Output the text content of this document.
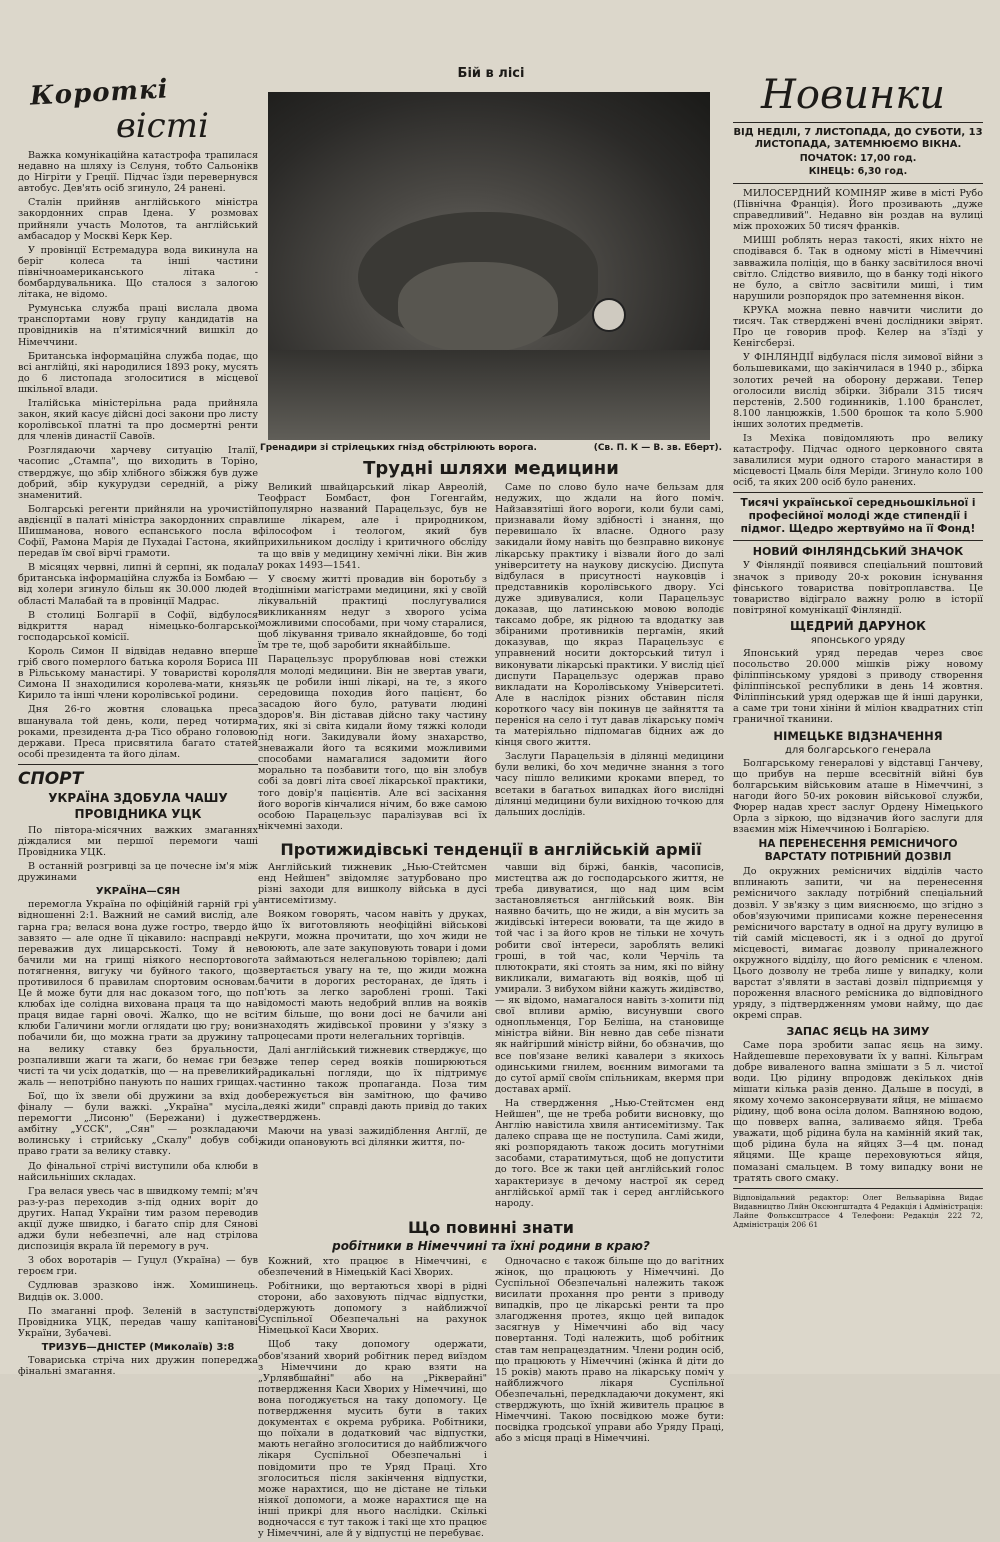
Короткі
вісті

Важка комунікаційна катастрофа трапилася недавно на шляху із Сєлуня, тобто Сальонікв до Нігріти у Греції. Підчас їзди перевернувся автобус. Дев'ять осіб згинуло, 24 ранені.

Сталін прийняв англійського міністра закордонних справ Ідена. У розмовах прийняли участь Молотов, та англійський амбасадор у Москві Керк Кер.

У провінції Естремадура вода викинула на беріг колеса та інші частини північноамериканського літака - бомбардувальника. Що сталося з залогою літака, не відомо.

Румунська служба праці вислала двома транспортами нову групу кандидатів на провідників на п'ятимісячний вишкіл до Німеччини.

Британська інформаційна служба подає, що всі англійці, які народилися 1893 року, мусять до 6 листопада зголоситися в місцевої шкільної влади.

Італійська міністерільна рада прийняла закон, який касує дійсні досі закони про листу королівської платні та про досмертні ренти для членів династії Савоїв.

Розглядаючи харчеву ситуацію Італії, часопис „Стампа", що виходить в Торіно, стверджує, що збір хлібного збіжжя був дуже добрий, збір кукурудзи середній, а ріжу знаменитий.

Болгарські регенти прийняли на урочистій авдієнції в палаті міністра закордонних справ Шишманова, нового еспанського посла в Софії, Рамона Марія де Пухадаі Гастона, який передав їм свої вірчі грамоти.

В місяцях червні, липні й серпні, як подала британська інформаційна служба із Бомбаю — від холери згинуло більш як 30.000 людей в області Малабай та в провінції Мадрас.

В столиці Болгарії в Софії, відбулося відкриття нарад німецько-болгарської господарської комісії.

Король Симон ІІ відвідав недавно вперше гріб свого померлого батька короля Бориса ІІІ в Рільському манастирі. У товаристві короля Симона ІІ знаходилися королева-мати, князь Кирило та інші члени королівської родини.

Дня 26-го жовтня словацька преса вшанувала той день, коли, перед чотирма роками, президента д-ра Тісо обрано головою держави. Преса присвятила багато статей особі президента та його ділам.

СПОРТ
УКРАЇНА ЗДОБУЛА ЧАШУ
ПРОВІДНИКА УЦК

По півтора-місячних важких змаганнях діждалися ми першої перемоги чаші Провідника УЦК.

В останній розгривці за це почесне ім'я між дружинами

УКРАЇНА—СЯН

перемогла Україна по офіційній гарній грі у відношенні 2:1. Важний не самий вислід, але гарна гра; велася вона дуже гостро, твердо й завзято — але одне її цікавило: насправді не переважив дух лицарськості. Тому й не бачили ми на грищі ніякого неспортового потягнення, вигуку чи буйного такого, що противилося б правилам спортовим основам. Це й може бути для нас доказом того, що по клюбах іде солідна вихована праця та що на праця видае гарні овочі. Жалко, що не всі клюби Галичини могли оглядати цю гру; вони побачили би, що можна грати за дружину та на велику ставку без бруальности, розпаливши жаги та жаги, бо немає гри без чисті та чи усіх додатків, що — на превеликий жаль — непотрібно панують по наших грищах.

Бої, що їх звели обі дружини за вхід до фіналу — були важкі. „Україна" мусіла перемогти „Лисоню" (Бережани) і дуже амбітну „УССК", „Сян" — розкладаючи волинську і стрийську „Скалу" добув собі право грати за велику ставку.

До фінальної стрічі виступили оба клюби в найсильніших складах.

Гра велася увесь час в швидкому темпі; м'яч раз-у-раз переходив з-під одних воріт до других. Напад України тим разом переводив акції дуже швидко, і багато спір для Сянові аджи були небезпечні, але над стрілова диспозиція вкрала їй перемогу в руч.

З обох воротарів — Гуцул (Україна) — був героєм гри.

Судлював зразково інж. Хомишинець. Видців ок. 3.000.

По змаганні проф. Зеленій в заступстві Провідника УЦК, передав чашу капітанові України, Зубачеві.

ТРИЗУБ—ДНІСТЕР (Миколаїв) 3:8

Товариська стріча них дружин попереджа фінальні змагання.

Бій в лісі
Гренадири зі стрілецьких гнізд обстрілюють ворога.	(Св. П. К — В. зв. Еберт).
Трудні шляхи медицини

Великий швайцарський лікар Авреолій, Теофраст Бомбаст, фон Гогенгайм, популярно названий Парацельзус, був не лише лікарем, але і природником, філософом і теологом, який був прихильником досліду і критичного обсліду та що ввів у медицину хемічні ліки. Він жив у роках 1493—1541.

У своєму житті провадив він боротьбу з тодішніми магістрами медицини, які у своїй лікувальній практиці послугувалися викликанням недуг з хворого усіма можливими способами, при чому старалися, щоб лікування тривало якнайдовше, бо тоді їм тре те, щоб заробити якнайбільше.

Парацельзус прорублював нові стежки для молоді медицини. Він не звертав уваги, як це робили інші лікарі, на те, з якого середовища походив його пацієнт, бо засадою його було, ратувати людині здоров'я. Він діставав дійсно таку частину тих, які зі світа кидали йому тяжкі колоди під ноги. Закидували йому знахарство, зневажали його та всякими можливими способами намагалися задомити його морально та позбавити того, що він злобув собі за довгі літа своєї лікарської практики, того довір'я пацієнтів. Але всі засіхання його ворогів кінчалися нічим, бо вже самою особою Парацельзус паралізував всі їх нікчемні заходи.

Саме по слово було наче бельзам для недужих, що ждали на його поміч. Найзавзятіші його вороги, коли були самі, признавали йому здібності і знання, що перевишало їх власне. Одного разу закидали йому навіть що безправно виконує лікарську практику і візвали його до залі університету на наукову дискусію. Диспута відбулася в присутності науковців і представників королівського двору. Усі дуже здивувалися, коли Парацельзус доказав, що латинською мовою володіє таксамо добре, як рідною та вдодатку зав збіраними противників пергамін, який доказував, що якраз Парацельзус є управнений носити докторський титул і виконувати лікарські практики. У вислід цієї диспути Парацельзус одержав право викладати на Королівському Університеті. Але в наслідок різних обставин після короткого часу він покинув це зайняття та переніся на село і тут давав лікарську поміч та матеріяльно підпомагав бідних аж до кінця свого життя.

Заслуги Парацельзія в ділянці медицини були великі, бо хоч медичне знання з того часу пішло великими кроками вперед, то всетаки в багатьох випадках його вислідні ділянці медицини були вихідною точкою для дальших дослідів.

Протижидівські тенденції в англійській армії

Англійський тижневик „Нью-Стейтсмен енд Нейшен" звідомляє затурбовано про різні заходи для вишколу війська в дусі антисемітизму.

Вояком говорять, часом навіть у друках, що їх виготовляють неофіційні військові круги, можна прочитати, що хоч жиди не воюють, але зате закуповують товари і доми та займаються нелегальною торівлею; далі звертається увагу на те, що жиди можна бачити в дорогих ресторанах, де їдять і п'ють за легко зароблені гроші. Такі відомості мають недобрий вплив на вояків тим більше, що вони досі не бачили ані знаходять жидівської провини у з'язку з процесами проти нелегальних торгівців.

Далі англійський тижневик стверджує, що вже тепер серед вояків поширюються радикальні погляди, що їх підтримує частинно також пропаганда. Поза тим обережується він замітною, що фачиво „деякі жиди" справді дають привід до таких стверджень.

Маючи на увазі зажидіблення Англії, де жиди опановують всі ділянки життя, по-

чавши від біржі, банків, часописів, мистецтва аж до господарського життя, не треба дивуватися, що над цим всім застановляється англійський вояк. Він наявно бачить, що не жиди, а він мусить за жидівські інтереси воювати, та ще жидо в той час і за його кров не тільки не хочуть робити свої інтереси, зароблять великі гроші, в той час, коли Черчіль та плютократи, які стоять за ним, які по війну викликали, вимагають від вояків, щоб ці умирали. З вибухом війни кажуть жидівство, — як відомо, намагалося навіть з-хопити під свої впливи армію, висунувши свого однопльменця, Гор Беліша, на становище міністра війни. Він невно дав себе пізнати як найгірший міністр війни, бо обзначив, що все пов'язане великі кавалери з якихось одинськими гнилем, воєнним вимогами та до сутої армії своїм спільникам, вкермя при доставах армії.

На ствердження „Нью-Стейтсмен енд Нейшен", ще не треба робити висновку, що Англію навістила хвиля антисемітизму. Так далеко справа ще не поступила. Самі жиди, які розпорядають також досить могутніми засобами, старатимуться, щоб не допустити до того. Все ж таки цей англійський голос характеризує в дечому настрої як серед англійської армії так і серед англійського народу.

Що повинні знати
робітники в Німеччині та їхні родини в краю?

Кожний, хто працює в Німеччині, є обезпечений в Німецькій Касі Хворих.

Робітники, що вертаються хворі в рідні сторони, або заховують підчас відпустки, одержують допомогу з найближчої Суспільної Обезпечальні на рахунок Німецької Каси Хворих.

Щоб таку допомогу одержати, обов'язаний хворий робітник перед виїздом з Німеччини до краю взяти на „Урлявбшайні" або на „Рікверайні" потвердження Каси Хворих у Німеччині, що вона погоджується на таку допомогу. Це потвердження мусить бути в таких документах є окрема рубрика. Робітники, що поїхали в додатковий час відпустки, мають негайно зголоситися до найближчого лікаря Суспільної Обезпечальні і повідомити про те Уряд Праці. Хто зголоситься після закінчення відпустки, може нарахтися, що не дістане не тільки ніякої допомоги, а може нарахтися ще на інші прикрі для нього наслідки. Скількі водночасся є тут також і такі ще хто працює у Німеччині, але й у відпустці не перебуває.

Одночасно є також більше що до вагітних жінок, що працюють у Німеччині. До Суспільної Обезпечальні належить також висилати прохання про ренти з приводу випадків, про це лікарські ренти та про злагодження протез, якщо цей випадок засягнув у Німеччині або від часу повертання. Тоді належить, щоб робітник став там непрацездатним. Члени родин осіб, що працюють у Німеччині (жінка й діти до 15 років) мають право на лікарську поміч у найближчого лікаря Суспільної Обезпечальні, передкладаючи документ, які стверджують, що їхній живитель працює в Німеччині. Такою посвідкою може бути: посвідка гродської управи або Уряду Праці, або з місця праці в Німеччині.

Новинки
ВІД НЕДІЛІ, 7 ЛИСТОПАДА, ДО СУБОТИ, 13 ЛИСТОПАДА, ЗАТЕМНЮЄМО ВІКНА.
ПОЧАТОК: 17,00 год.
КІНЕЦЬ: 6,30 год.

МИЛОСЕРДНИЙ КОМІНЯР живе в місті Рубо (Північна Франція). Його прозивають „дуже справедливий". Недавно він роздав на вулиці між прохожих 50 тисяч франків.

МИШІ роблять нераз такості, яких ніхто не сподівався б. Так в одному місті в Німеччині завважила поліція, що в банку засвітилося вночі світло. Слідство виявило, що в банку тоді нікого не було, а світло засвітили миші, і тим нарушили розпорядок про затемнення вікон.

КРУКА можна певно навчити числити до тисяч. Так стверджені вчені дослідники звірят. Про це говорив проф. Келер на з'їзді у Кенігсберзі.

У ФІНЛЯНДІЇ відбулася після зимової війни з большевиками, що закінчилася в 1940 р., збірка золотих речей на оборону держави. Тепер оголосили вислід збірки. Зібрали 315 тисяч перстенів, 2.500 годинників, 1.100 бранслет, 8.100 ланцюжків, 1.500 брошок та коло 5.900 інших золотих предметів.

Із Мехіка повідомляють про велику катастрофу. Підчас одного церковного свята завалилися мури одного старого манастиря в місцевості Цмаль біля Меріди. Згинуло коло 100 осіб, та яких 200 осіб було ранених.

Тисячі української середньошкільної і професійної молоді жде стипендії і підмог. Щедро жертвуймо на її Фонд!
НОВИЙ ФІНЛЯНДСЬКИЙ ЗНАЧОК

У Фінляндії появився спеціальний поштовий значок з приводу 20-х роковин існування фінського товариства повітроплавства. Це товариство відіграло важну ролю в історії повітряної комунікації Фінляндії.

ЩЕДРИЙ ДАРУНОК
японського уряду

Японський уряд передав через своє посольство 20.000 мішків ріжу новому філіппінському урядові з приводу створення філіппінської республики в день 14 жовтня. Філіппінський уряд одержав ще й інші дарунки, а саме три тони хініни й міліон квадратних стіп граничної тканини.

НІМЕЦЬКЕ ВІДЗНАЧЕННЯ
для болгарського генерала

Болгарському генералові у відставці Ганчеву, що прибув на перше всесвітній війні був болгарським військовим аташе в Німеччині, з нагоди його 50-их роковин військової служби, Фюрер надав хрест заслуг Ордену Німецького Орла з зіркою, що відзначив його заслуги для взаємин між Німеччиною і Болгарією.

НА ПЕРЕНЕСЕННЯ РЕМІСНИЧОГО ВАРСТАТУ ПОТРІБНИЙ ДОЗВІЛ

До окружних ремісничих відділів часто вплинають запити, чи на перенесення ремісничого закладу потрібний спеціальний дозвіл. У зв'язку з цим вияснюємо, що згідно з обов'язуючими приписами кожне перенесення ремісничого варстату в одної на другу вулицю в тій самій місцевості, як і з одної до другої місцевості, вимагає дозволу приналежного окружного відділу, що його ремісник є членом. Цього дозволу не треба лише у випадку, коли варстат з'являти в заставі дозвіл підприємця у пороження власного ремісника до відповідного уряду, з підтвердженням умови найму, що дає окремі справ.

ЗАПАС ЯЄЦЬ НА ЗИМУ

Саме пора зробити запас яєць на зиму. Найдешевше переховувати їх у вапні. Кільграм добре виваленого вапна змішати з 5 л. чистої води. Цю рідину впродовж декількох днів мішати кілька разів денно. Дальше в посуді, в якому хочемо законсервувати яйця, не мішаємо рідину, щоб вона осіла долом. Вапняною водою, що повверх вапна, заливаємо яйця. Треба уважати, щоб рідина була на камінній який так, щоб рідина була на яйцях 3—4 цм. понад яйцями. Ще краще переховуються яйця, помазані смальцем. В тому випадку вони не тратять свого смаку.

Відповідальний редактор: Олег Вельварівна Видає Видавництво Ляйн Оксюнгштадта 4 Редакція і Адміністрація: Лайпе Фольксштрассе 4 Телефони: Редакція 222 72, Адміністрація 206 61
